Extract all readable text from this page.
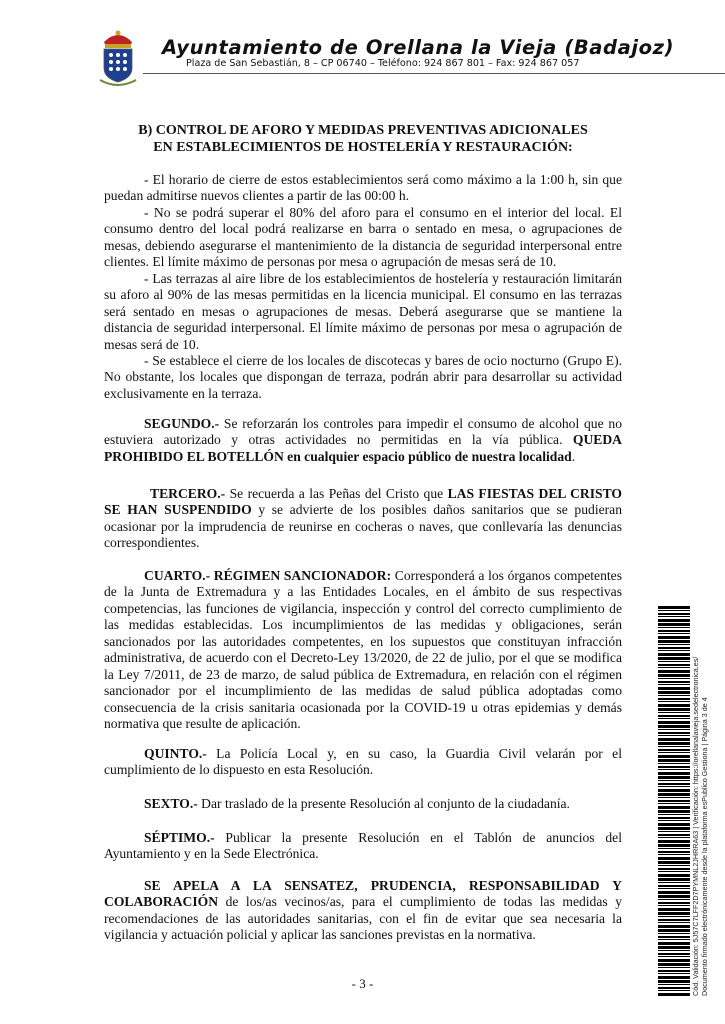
Ayuntamiento de Orellana la Vieja (Badajoz)
Plaza de San Sebastián, 8 – CP 06740 – Teléfono: 924 867 801 – Fax: 924 867 057
B) CONTROL DE AFORO Y MEDIDAS PREVENTIVAS ADICIONALES
EN ESTABLECIMIENTOS DE HOSTELERÍA Y RESTAURACIÓN:
- El horario de cierre de estos establecimientos será como máximo a la 1:00 h, sin que puedan admitirse nuevos clientes a partir de las 00:00 h.
- No se podrá superar el 80% del aforo para el consumo en el interior del local. El consumo dentro del local podrá realizarse en barra o sentado en mesa, o agrupaciones de mesas, debiendo asegurarse el mantenimiento de la distancia de seguridad interpersonal entre clientes. El límite máximo de personas por mesa o agrupación de mesas será de 10.
- Las terrazas al aire libre de los establecimientos de hostelería y restauración limitarán su aforo al 90% de las mesas permitidas en la licencia municipal. El consumo en las terrazas será sentado en mesas o agrupaciones de mesas. Deberá asegurarse que se mantiene la distancia de seguridad interpersonal. El límite máximo de personas por mesa o agrupación de mesas será de 10.
- Se establece el cierre de los locales de discotecas y bares de ocio nocturno (Grupo E). No obstante, los locales que dispongan de terraza, podrán abrir para desarrollar su actividad exclusivamente en la terraza.
SEGUNDO.- Se reforzarán los controles para impedir el consumo de alcohol que no estuviera autorizado y otras actividades no permitidas en la vía pública. QUEDA PROHIBIDO EL BOTELLÓN en cualquier espacio público de nuestra localidad.
TERCERO.- Se recuerda a las Peñas del Cristo que LAS FIESTAS DEL CRISTO SE HAN SUSPENDIDO y se advierte de los posibles daños sanitarios que se pudieran ocasionar por la imprudencia de reunirse en cocheras o naves, que conllevaría las denuncias correspondientes.
CUARTO.- RÉGIMEN SANCIONADOR: Corresponderá a los órganos competentes de la Junta de Extremadura y a las Entidades Locales, en el ámbito de sus respectivas competencias, las funciones de vigilancia, inspección y control del correcto cumplimiento de las medidas establecidas. Los incumplimientos de las medidas y obligaciones, serán sancionados por las autoridades competentes, en los supuestos que constituyan infracción administrativa, de acuerdo con el Decreto-Ley 13/2020, de 22 de julio, por el que se modifica la Ley 7/2011, de 23 de marzo, de salud pública de Extremadura, en relación con el régimen sancionador por el incumplimiento de las medidas de salud pública adoptadas como consecuencia de la crisis sanitaria ocasionada por la COVID-19 u otras epidemias y demás normativa que resulte de aplicación.
QUINTO.- La Policía Local y, en su caso, la Guardia Civil velarán por el cumplimiento de lo dispuesto en esta Resolución.
SEXTO.- Dar traslado de la presente Resolución al conjunto de la ciudadanía.
SÉPTIMO.- Publicar la presente Resolución en el Tablón de anuncios del Ayuntamiento y en la Sede Electrónica.
SE APELA A LA SENSATEZ, PRUDENCIA, RESPONSABILIDAD Y COLABORACIÓN de los/as vecinos/as, para el cumplimiento de todas las medidas y recomendaciones de las autoridades sanitarias, con el fin de evitar que sea necesaria la vigilancia y actuación policial y aplicar las sanciones previstas en la normativa.
- 3 -	Cód. Validación: 5J57C7LFF2D7PYMNL2JHRRA63 | Verificación: https://orellanalavieja.sedelectronica.es/ Documento firmado electrónicamente desde la plataforma esPublico Gestiona | Página 3 de 4
